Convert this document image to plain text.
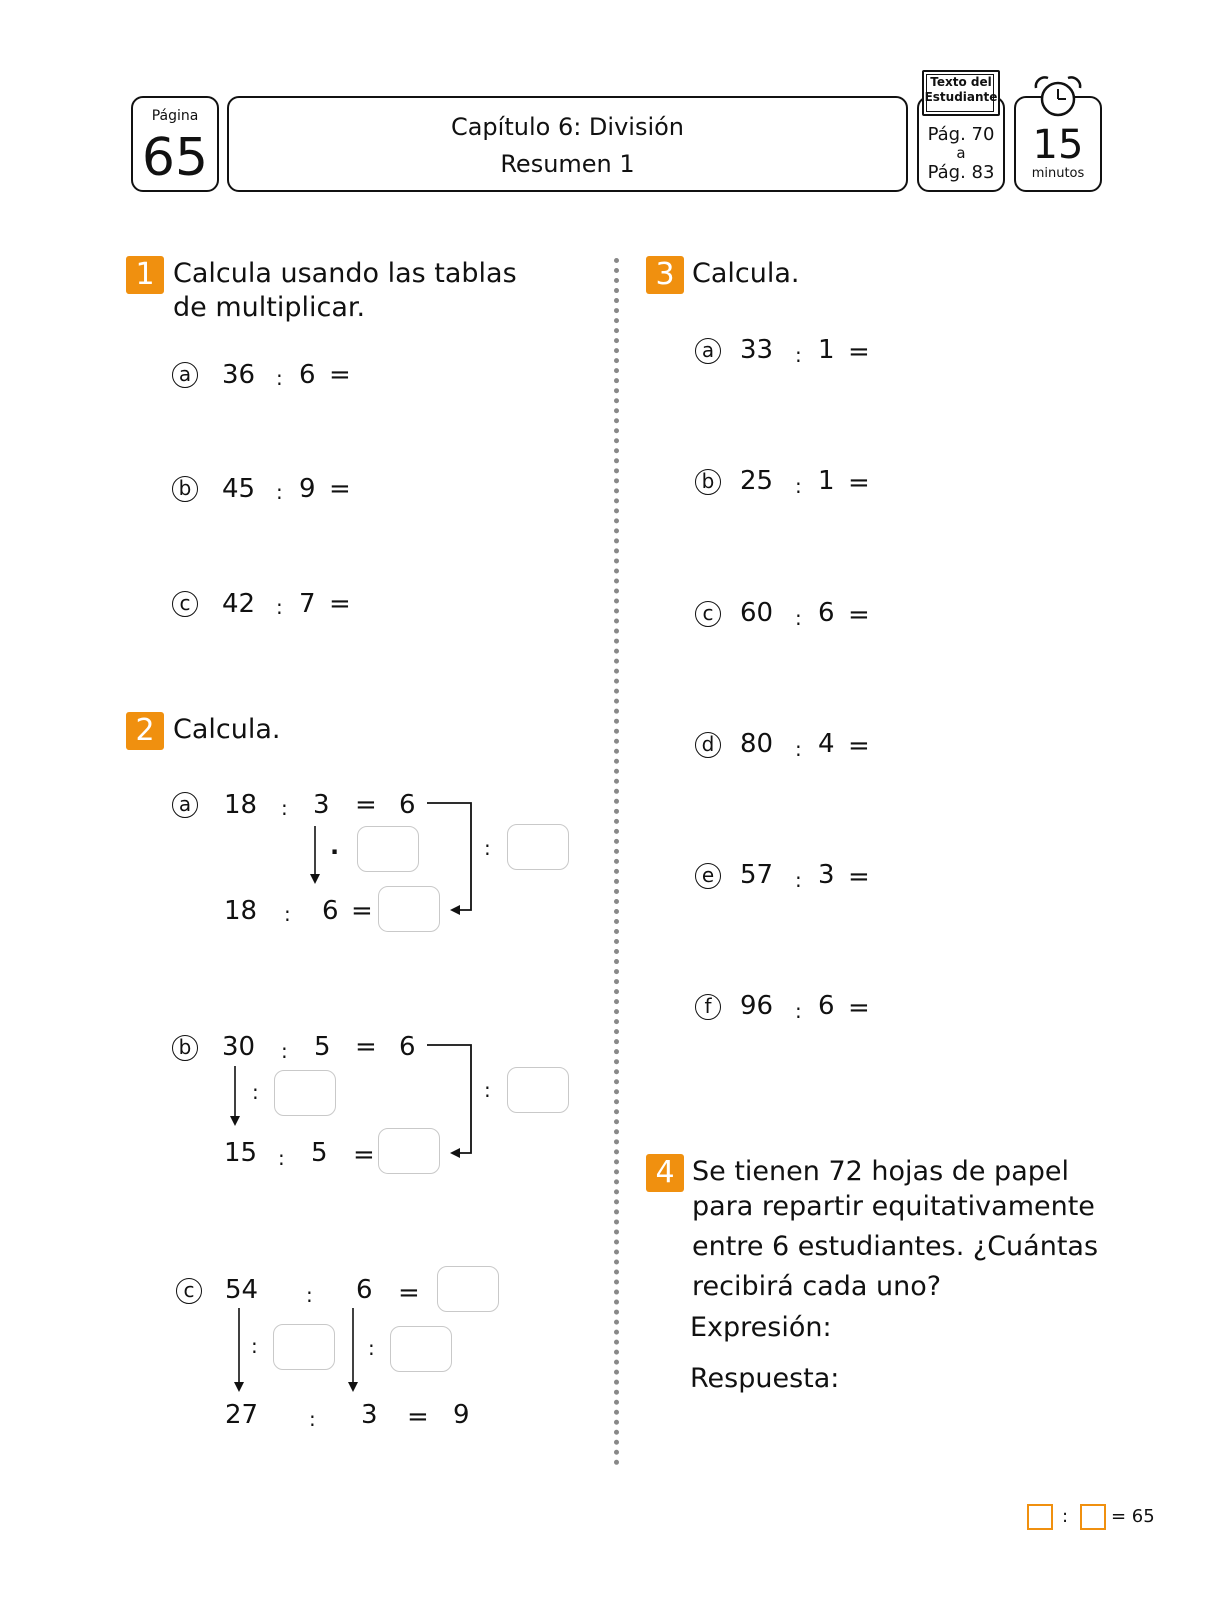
Página
65
Capítulo 6: División
Resumen 1
Pág. 70
a
Pág. 83
Texto del
Estudiante
15
minutos
1 Calcula usando las tablas
de multiplicar.
a 36 : 6 =
b 45 : 9 =
c 42 : 7 =
2 Calcula.
a 18 : 3 = 6
·	:
18 : 6 =
b 30 : 5 = 6
:	:
15 : 5 =
c 54 : 6 =
:	:
27	: 3 = 9
3 Calcula.
a 33 : 1 =
b 25 : 1 =
c 60 : 6 =
d 80 : 4 =
e 57 : 3 =
f	96 : 6 =
4 Se tienen 72 hojas de papel
para repartir equitativamente
entre 6 estudiantes. ¿Cuántas
recibirá cada uno?
Expresión:
Respuesta:
: = 65
